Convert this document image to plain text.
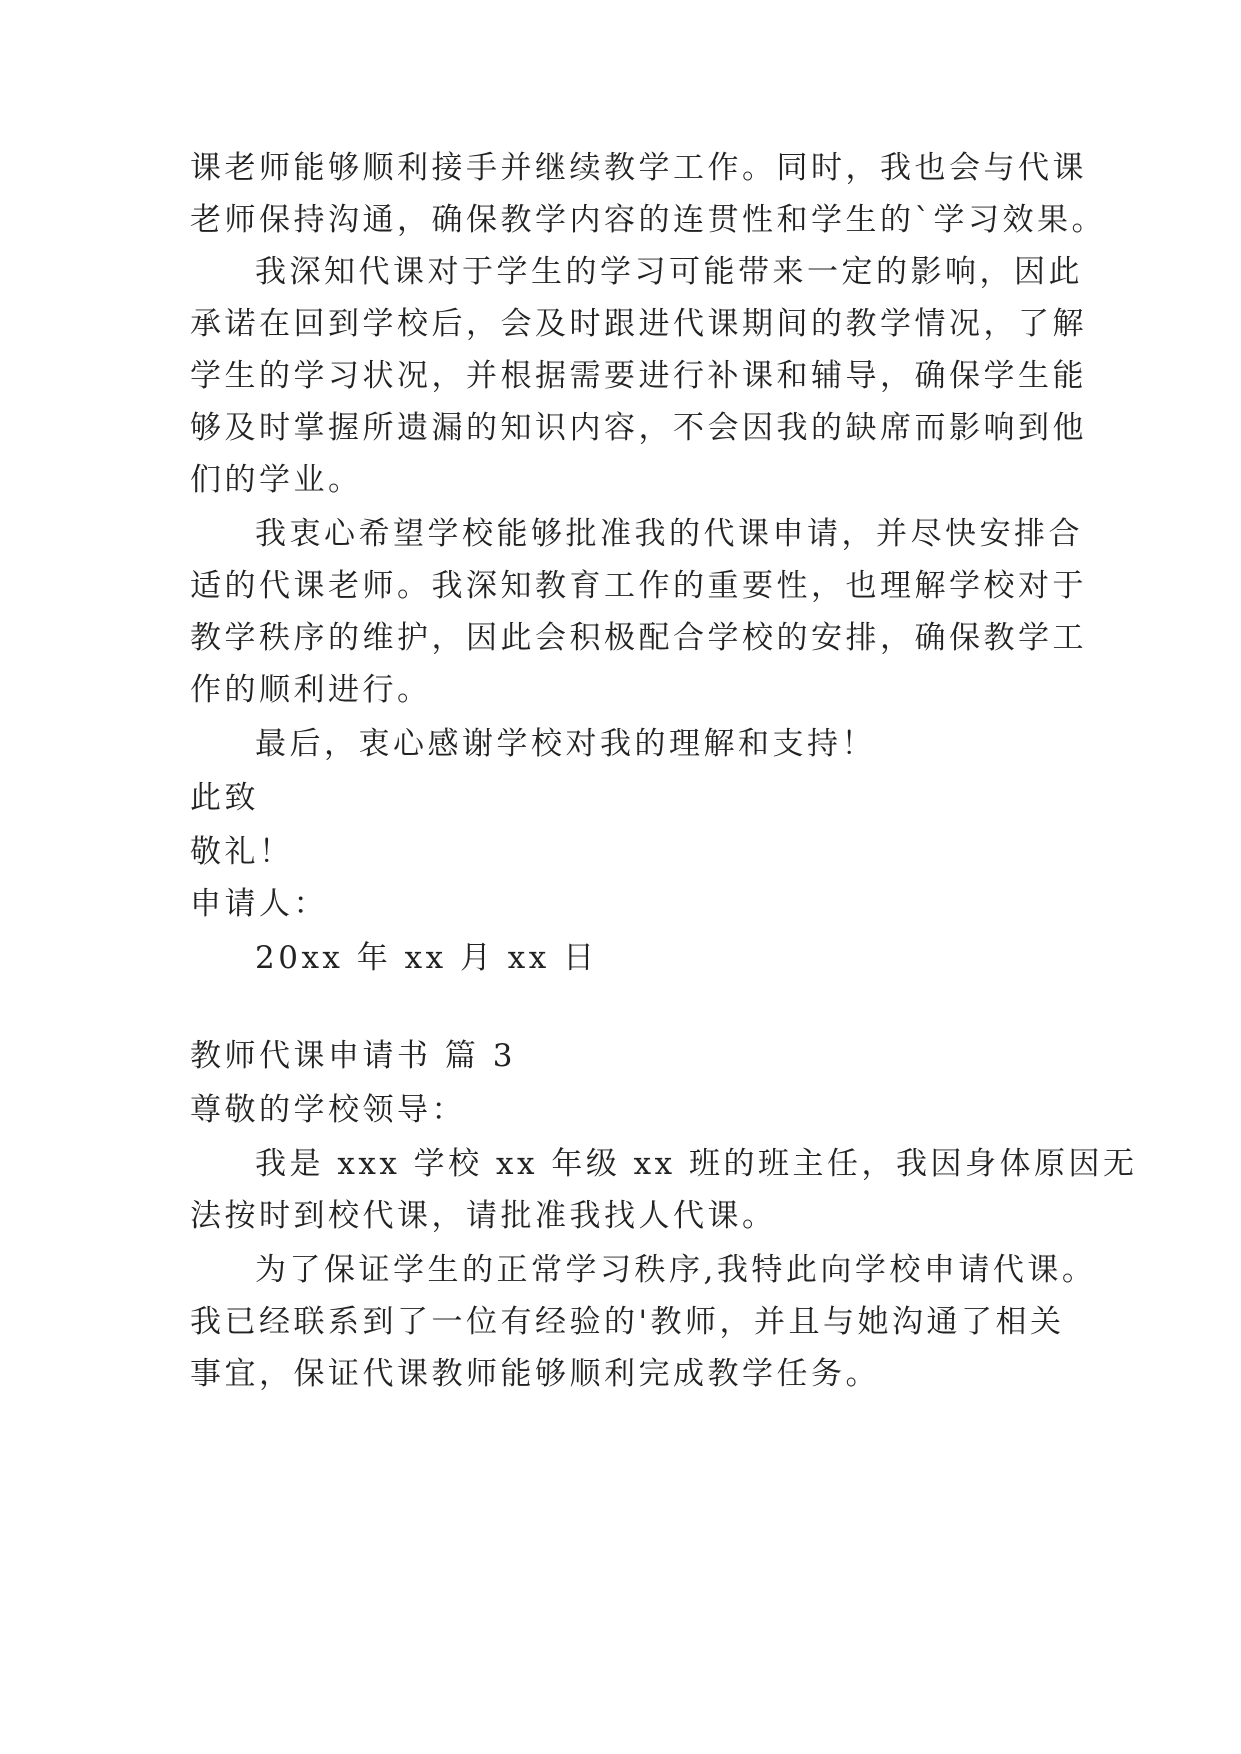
课老师能够顺利接手并继续教学工作。同时，我也会与代课
老师保持沟通，确保教学内容的连贯性和学生的`学习效果。
我深知代课对于学生的学习可能带来一定的影响，因此
承诺在回到学校后，会及时跟进代课期间的教学情况，了解
学生的学习状况，并根据需要进行补课和辅导，确保学生能
够及时掌握所遗漏的知识内容，不会因我的缺席而影响到他
们的学业。
我衷心希望学校能够批准我的代课申请，并尽快安排合
适的代课老师。我深知教育工作的重要性，也理解学校对于
教学秩序的维护，因此会积极配合学校的安排，确保教学工
作的顺利进行。
最后，衷心感谢学校对我的理解和支持！
此致
敬礼！
申请人：
20xx 年 xx 月 xx 日
教师代课申请书 篇 3
尊敬的学校领导：
我是 xxx 学校 xx 年级 xx 班的班主任，我因身体原因无
法按时到校代课，请批准我找人代课。
为了保证学生的正常学习秩序,我特此向学校申请代课。
我已经联系到了一位有经验的'教师，并且与她沟通了相关
事宜，保证代课教师能够顺利完成教学任务。
